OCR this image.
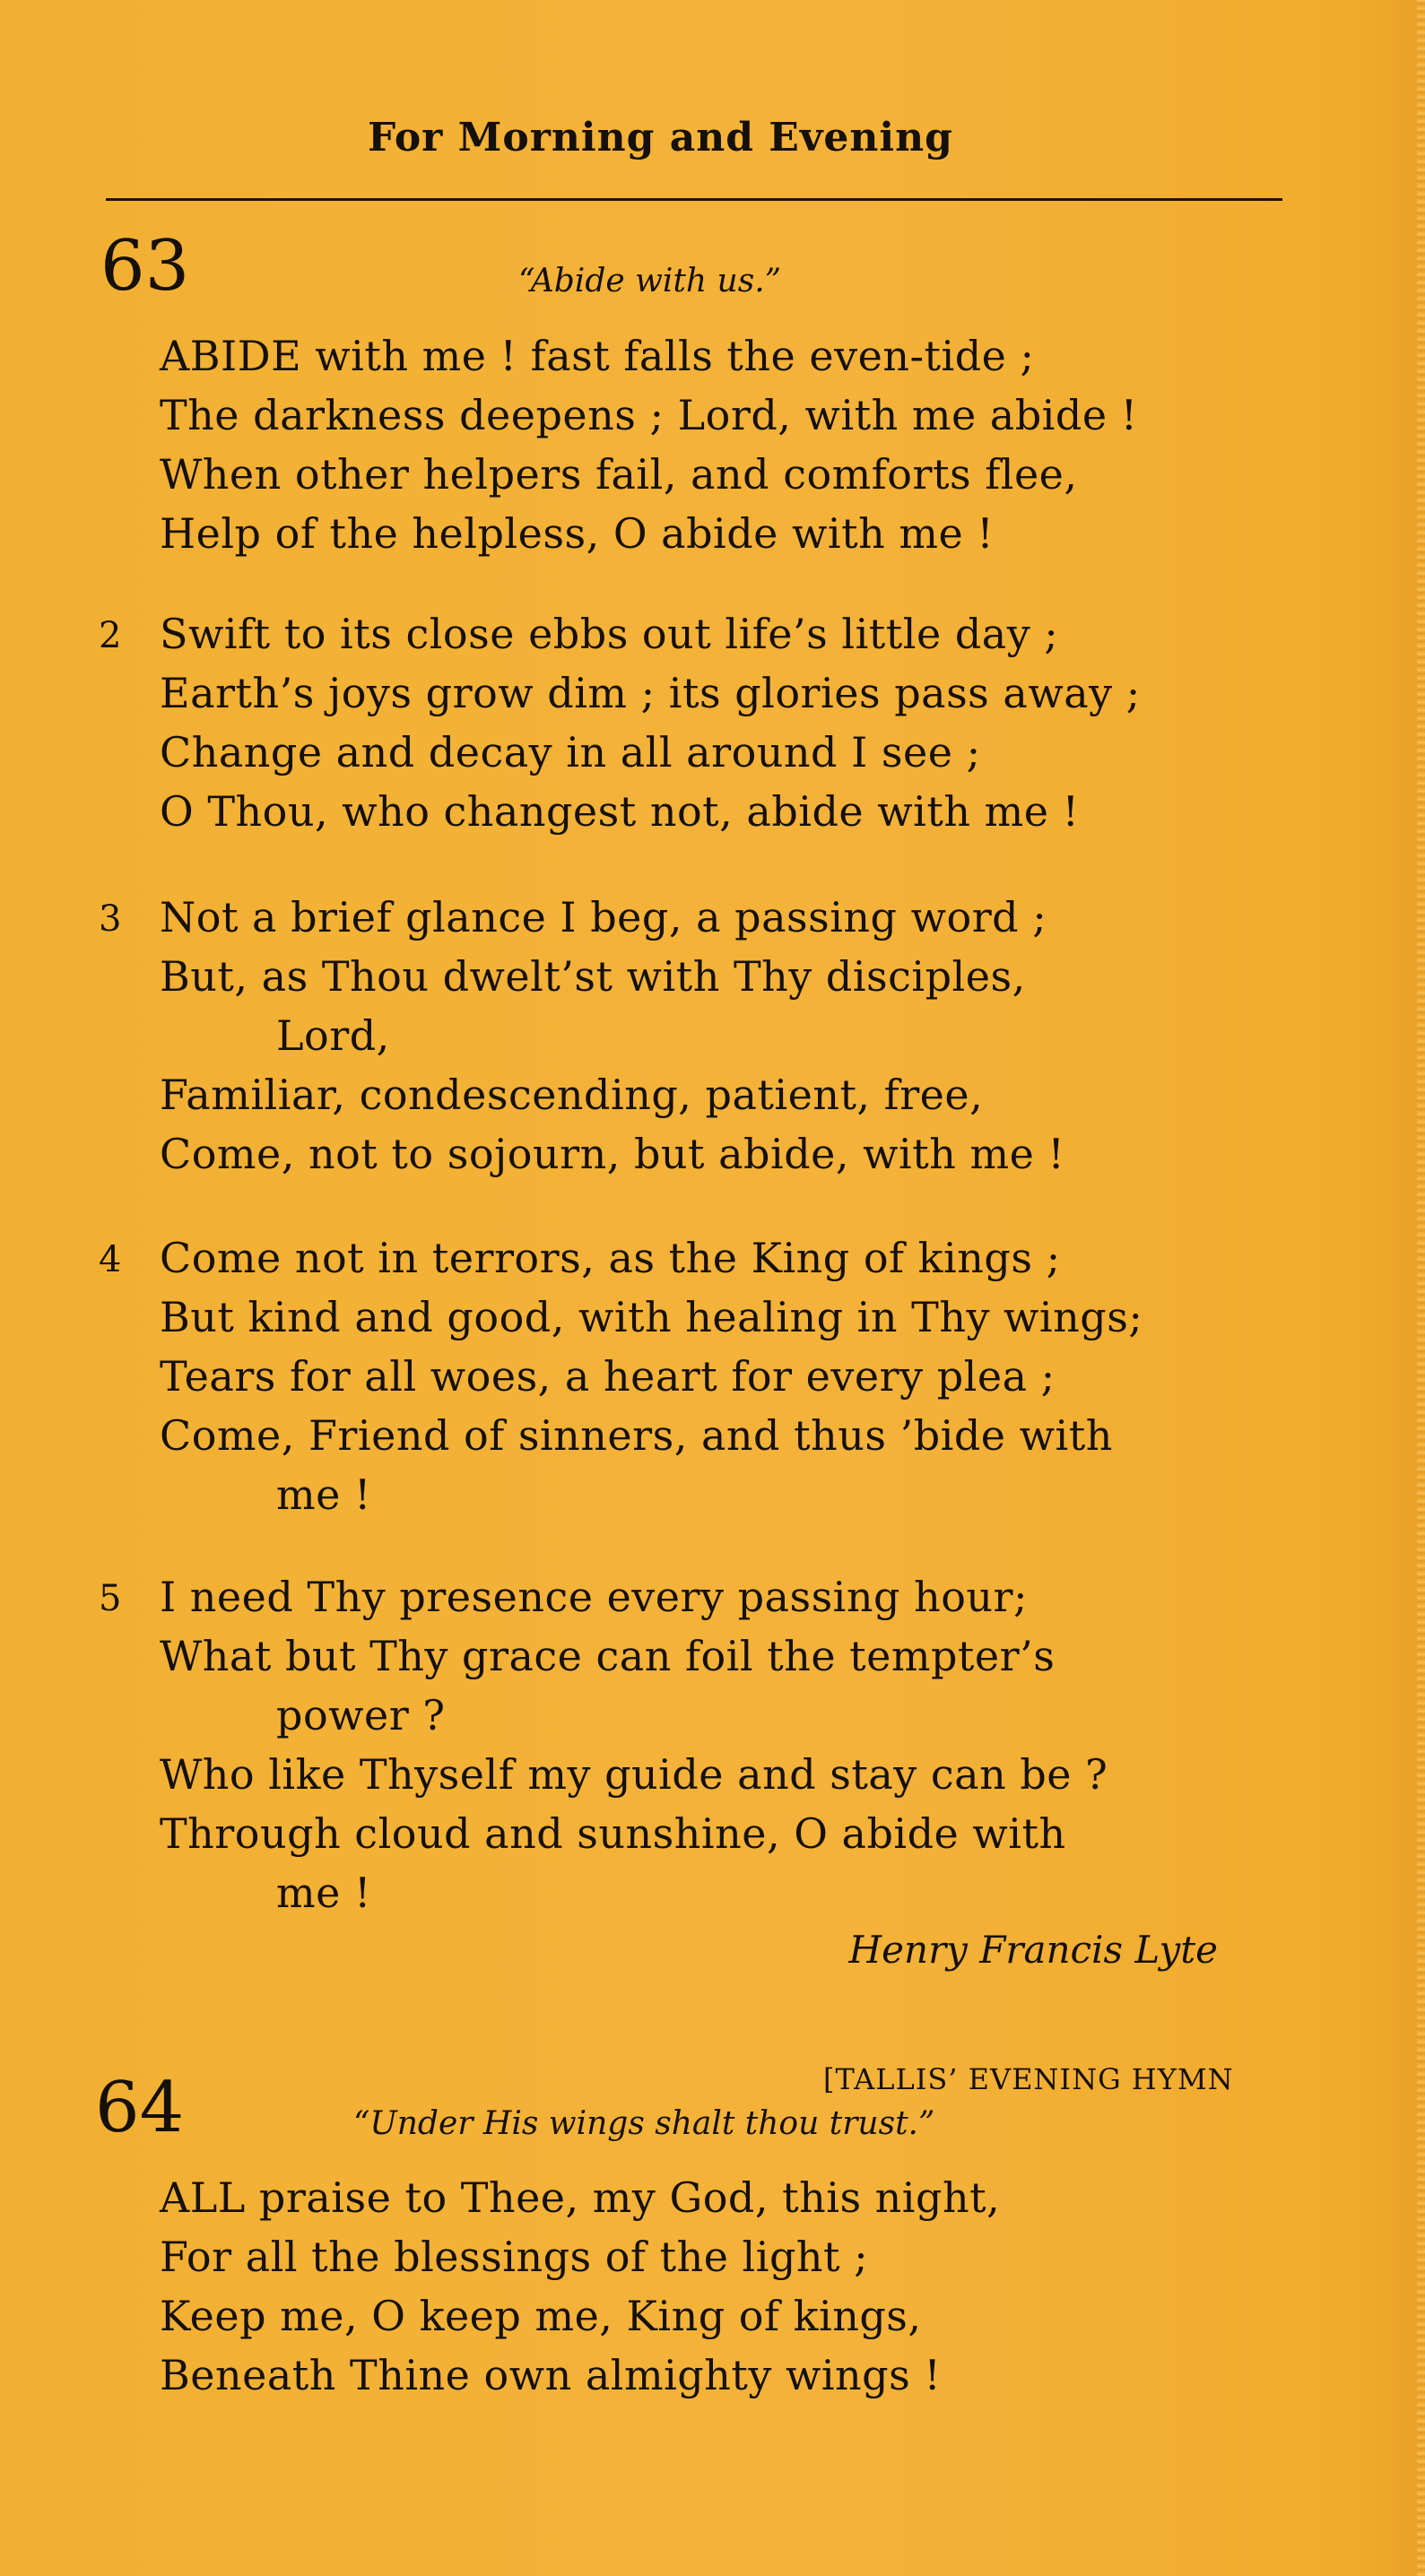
For Morning and Evening
63	“Abide with us.”
ABIDE with me ! fast falls the even-tide ;
The darkness deepens ; Lord, with me abide !
When other helpers fail, and comforts flee,
Help of the helpless, O abide with me !
2 Swift to its close ebbs out life’s little day ;
Earth’s joys grow dim ; its glories pass away ;
Change and decay in all around I see ;
O Thou, who changest not, abide with me !
3 Not a brief glance I beg, a passing word ;
But, as Thou dwelt’st with Thy disciples,
Lord,
Familiar, condescending, patient, free,
Come, not to sojourn, but abide, with me !
4 Come not in terrors, as the King of kings ;
But kind and good, with healing in Thy wings;
Tears for all woes, a heart for every plea ;
Come, Friend of sinners, and thus ’bide with
me !
5 I need Thy presence every passing hour;
What but Thy grace can foil the tempter’s
power ?
Who like Thyself my guide and stay can be ?
Through cloud and sunshine, O abide with
me !
Henry Francis Lyte
[TALLIS’ EVENING HYMN
64	“Under His wings shalt thou trust.”
ALL praise to Thee, my God, this night,
For all the blessings of the light ;
Keep me, O keep me, King of kings,
Beneath Thine own almighty wings !
